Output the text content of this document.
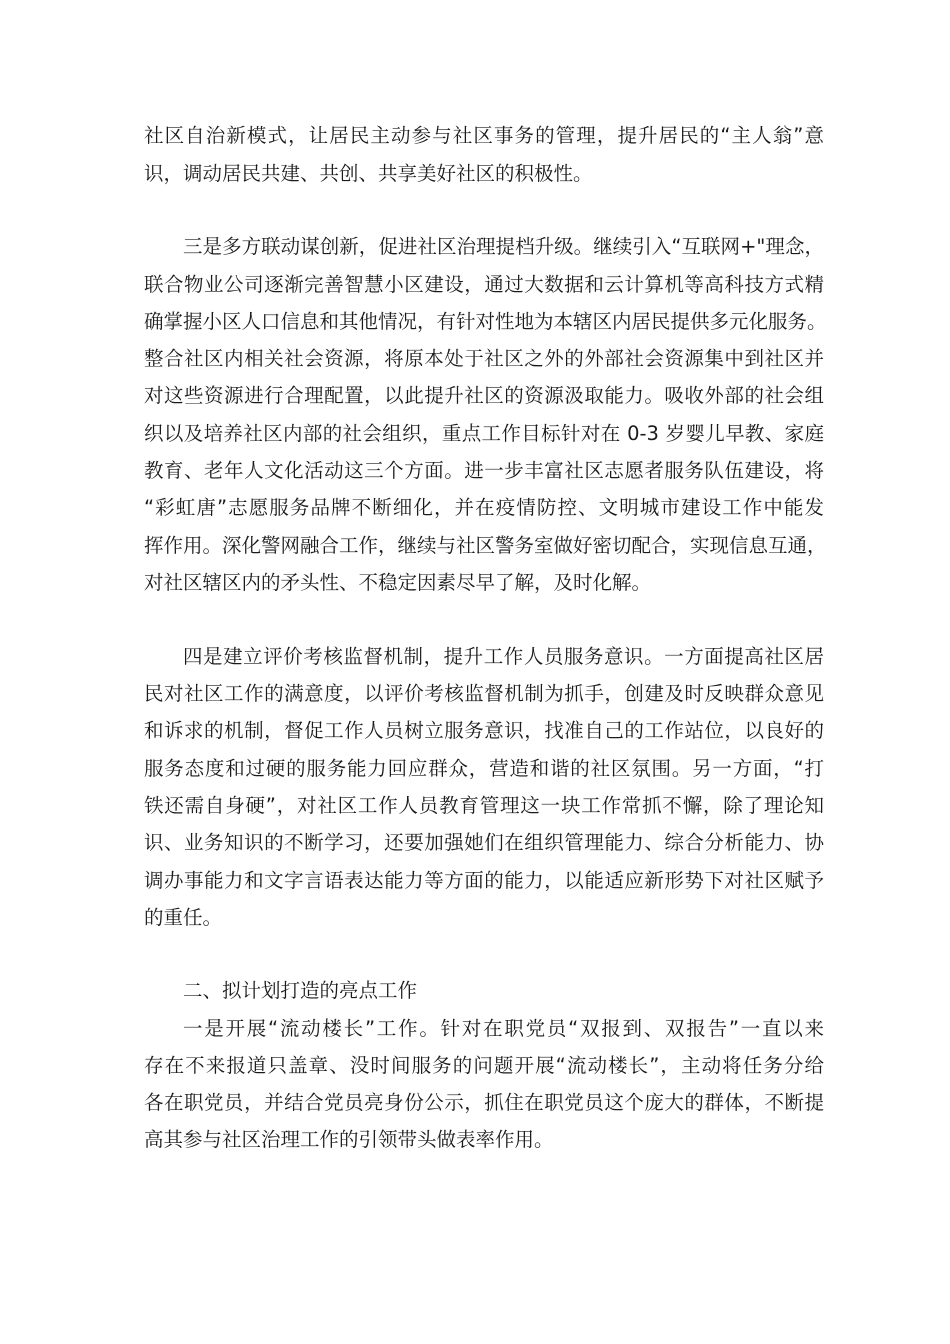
社区自治新模式，让居民主动参与社区事务的管理，提升居民的“主人翁”意
识，调动居民共建、共创、共享美好社区的积极性。
三是多方联动谋创新，促进社区治理提档升级。继续引入“互联网+"理念，
联合物业公司逐渐完善智慧小区建设，通过大数据和云计算机等高科技方式精
确掌握小区人口信息和其他情况，有针对性地为本辖区内居民提供多元化服务。
整合社区内相关社会资源，将原本处于社区之外的外部社会资源集中到社区并
对这些资源进行合理配置，以此提升社区的资源汲取能力。吸收外部的社会组
织以及培养社区内部的社会组织，重点工作目标针对在 0-3 岁婴儿早教、家庭
教育、老年人文化活动这三个方面。进一步丰富社区志愿者服务队伍建设，将
“彩虹唐”志愿服务品牌不断细化，并在疫情防控、文明城市建设工作中能发
挥作用。深化警网融合工作，继续与社区警务室做好密切配合，实现信息互通，
对社区辖区内的矛头性、不稳定因素尽早了解，及时化解。
四是建立评价考核监督机制，提升工作人员服务意识。一方面提高社区居
民对社区工作的满意度，以评价考核监督机制为抓手，创建及时反映群众意见
和诉求的机制，督促工作人员树立服务意识，找准自己的工作站位，以良好的
服务态度和过硬的服务能力回应群众，营造和谐的社区氛围。另一方面，“打
铁还需自身硬”，对社区工作人员教育管理这一块工作常抓不懈，除了理论知
识、业务知识的不断学习，还要加强她们在组织管理能力、综合分析能力、协
调办事能力和文字言语表达能力等方面的能力，以能适应新形势下对社区赋予
的重任。
二、拟计划打造的亮点工作
一是开展“流动楼长”工作。针对在职党员“双报到、双报告”一直以来
存在不来报道只盖章、没时间服务的问题开展“流动楼长”，主动将任务分给
各在职党员，并结合党员亮身份公示，抓住在职党员这个庞大的群体，不断提
高其参与社区治理工作的引领带头做表率作用。
